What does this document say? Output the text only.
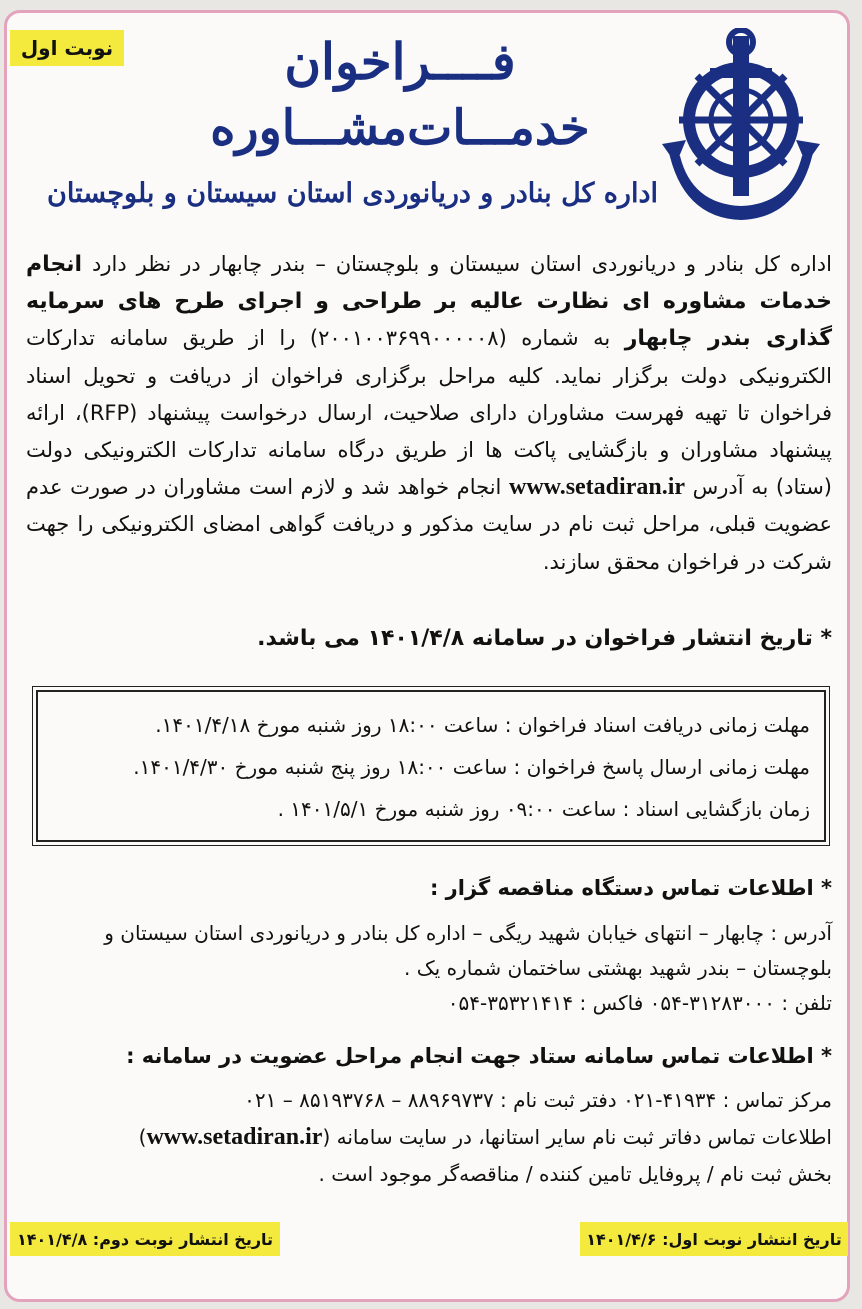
نوبت اول	فــــراخوان
خدمـــات‌مشـــاوره
اداره کل بنادر و دریانوردی استان سیستان و بلوچستان
اداره کل بنادر و دریانوردی استان سیستان و بلوچستان – بندر چابهار در نظر دارد انجام خدمات مشاوره ای نظارت عالیه بر طراحی و اجرای طرح های سرمایه گذاری بندر چابهار به شماره (۲۰۰۱۰۰۳۶۹۹۰۰۰۰۰۸) را از طریق سامانه تدارکات الکترونیکی دولت برگزار نماید. کلیه مراحل برگزاری فراخوان از دریافت و تحویل اسناد فراخوان تا تهیه فهرست مشاوران دارای صلاحیت، ارسال درخواست پیشنهاد (RFP)، ارائه پیشنهاد مشاوران و بازگشایی پاکت ها از طریق درگاه سامانه تدارکات الکترونیکی دولت (ستاد) به آدرس www.setadiran.ir انجام خواهد شد و لازم است مشاوران در صورت عدم عضویت قبلی، مراحل ثبت نام در سایت مذکور و دریافت گواهی امضای الکترونیکی را جهت شرکت در فراخوان محقق سازند.
* تاریخ انتشار فراخوان در سامانه ۱۴۰۱/۴/۸ می باشد.
مهلت زمانی دریافت اسناد فراخوان : ساعت ۱۸:۰۰ روز شنبه مورخ ۱۴۰۱/۴/۱۸.
مهلت زمانی ارسال پاسخ فراخوان : ساعت ۱۸:۰۰ روز پنج شنبه مورخ ۱۴۰۱/۴/۳۰.
زمان بازگشایی اسناد : ساعت ۰۹:۰۰ روز شنبه مورخ ۱۴۰۱/۵/۱ .
* اطلاعات تماس دستگاه مناقصه گزار :
آدرس : چابهار – انتهای خیابان شهید ریگی – اداره کل بنادر و دریانوردی استان سیستان و بلوچستان – بندر شهید بهشتی ساختمان شماره یک .
تلفن : ۳۱۲۸۳۰۰۰-۰۵۴ فاکس : ۳۵۳۲۱۴۱۴-۰۵۴
* اطلاعات تماس سامانه ستاد جهت انجام مراحل عضویت در سامانه :
مرکز تماس : ۴۱۹۳۴-۰۲۱ دفتر ثبت نام : ۸۸۹۶۹۷۳۷ – ۸۵۱۹۳۷۶۸ – ۰۲۱
اطلاعات تماس دفاتر ثبت نام سایر استانها، در سایت سامانه (www.setadiran.ir)
بخش ثبت نام / پروفایل تامین کننده / مناقصه‌گر موجود است .
تاریخ انتشار نوبت دوم: ۱۴۰۱/۴/۸	تاریخ انتشار نوبت اول: ۱۴۰۱/۴/۶
